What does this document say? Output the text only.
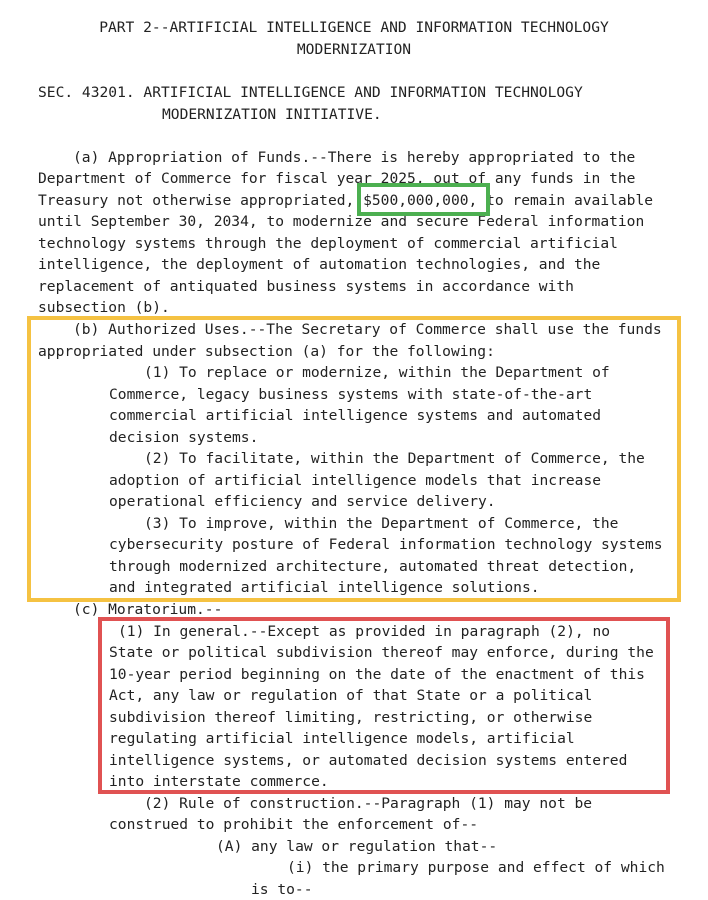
PART 2--ARTIFICIAL INTELLIGENCE AND INFORMATION TECHNOLOGY
MODERNIZATION
SEC. 43201. ARTIFICIAL INTELLIGENCE AND INFORMATION TECHNOLOGY
MODERNIZATION INITIATIVE.
(a) Appropriation of Funds.--There is hereby appropriated to the
Department of Commerce for fiscal year 2025, out of any funds in the
Treasury not otherwise appropriated, $500,000,000, to remain available
until September 30, 2034, to modernize and secure Federal information
technology systems through the deployment of commercial artificial
intelligence, the deployment of automation technologies, and the
replacement of antiquated business systems in accordance with
subsection (b).
(b) Authorized Uses.--The Secretary of Commerce shall use the funds
appropriated under subsection (a) for the following:
(1) To replace or modernize, within the Department of
Commerce, legacy business systems with state-of-the-art
commercial artificial intelligence systems and automated
decision systems.
(2) To facilitate, within the Department of Commerce, the
adoption of artificial intelligence models that increase
operational efficiency and service delivery.
(3) To improve, within the Department of Commerce, the
cybersecurity posture of Federal information technology systems
through modernized architecture, automated threat detection,
and integrated artificial intelligence solutions.
(c) Moratorium.--
(1) In general.--Except as provided in paragraph (2), no
State or political subdivision thereof may enforce, during the
10-year period beginning on the date of the enactment of this
Act, any law or regulation of that State or a political
subdivision thereof limiting, restricting, or otherwise
regulating artificial intelligence models, artificial
intelligence systems, or automated decision systems entered
into interstate commerce.
(2) Rule of construction.--Paragraph (1) may not be
construed to prohibit the enforcement of--
(A) any law or regulation that--
(i) the primary purpose and effect of which
is to--
